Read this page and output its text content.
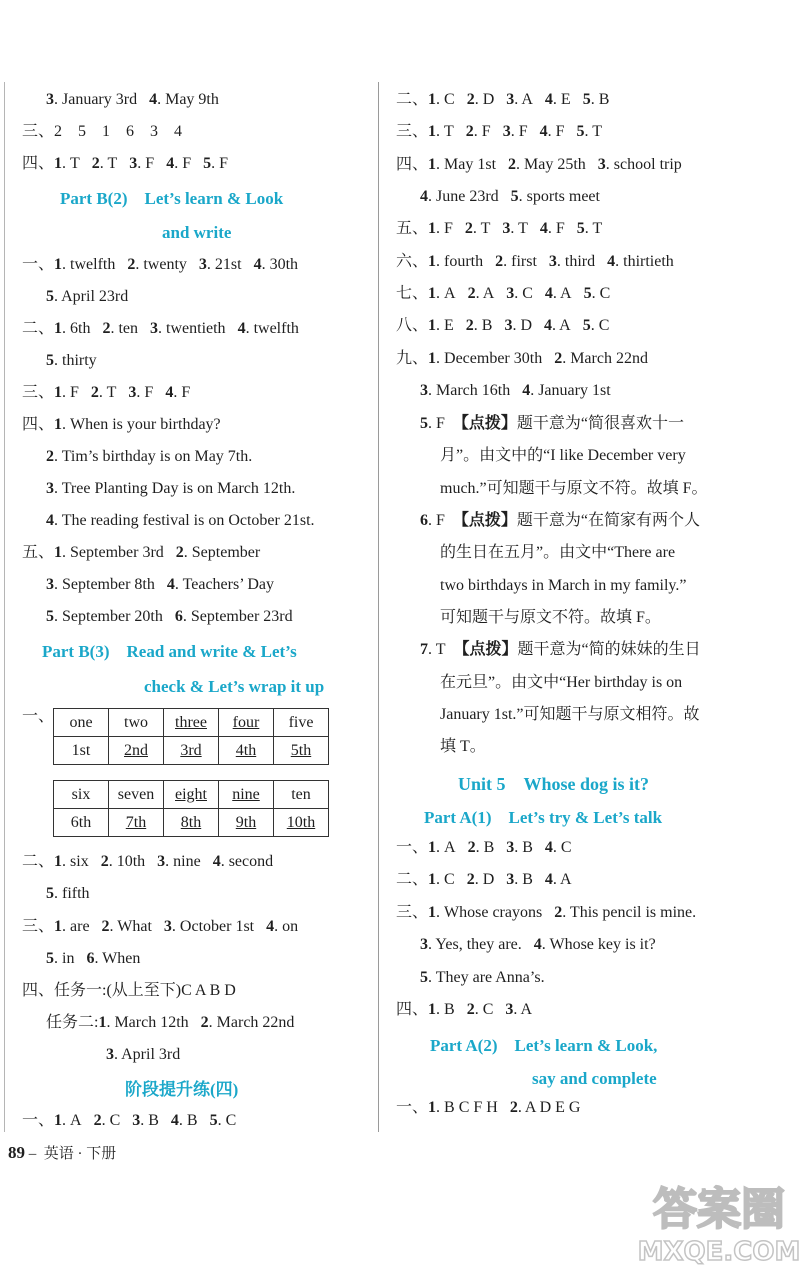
3. January 3rd 4. May 9th
三、2　5　1　6　3　4
四、1. T 2. T 3. F 4. F 5. F
Part B(2)　Let’s learn & Look
and write
一、1. twelfth 2. twenty 3. 21st 4. 30th
5. April 23rd
二、1. 6th 2. ten 3. twentieth 4. twelfth
5. thirty
三、1. F 2. T 3. F 4. F
四、1. When is your birthday?
2. Tim’s birthday is on May 7th.
3. Tree Planting Day is on March 12th.
4. The reading festival is on October 21st.
五、1. September 3rd 2. September
3. September 8th 4. Teachers’ Day
5. September 20th 6. September 23rd
Part B(3)　Read and write & Let’s
check & Let’s wrap it up
一、 one	two	three	four	five
1st	2nd	3rd	4th	5th
six	seven	eight	nine	ten
6th	7th	8th	9th	10th
二、1. six 2. 10th 3. nine 4. second
5. fifth
三、1. are 2. What 3. October 1st 4. on
5. in 6. When
四、任务一:(从上至下)C A B D
任务二:1. March 12th 2. March 22nd
3. April 3rd
阶段提升练(四)
一、1. A 2. C 3. B 4. B 5. C
二、1. C 2. D 3. A 4. E 5. B
三、1. T 2. F 3. F 4. F 5. T
四、1. May 1st 2. May 25th 3. school trip
4. June 23rd 5. sports meet
五、1. F 2. T 3. T 4. F 5. T
六、1. fourth 2. first 3. third 4. thirtieth
七、1. A 2. A 3. C 4. A 5. C
八、1. E 2. B 3. D 4. A 5. C
九、1. December 30th 2. March 22nd
3. March 16th 4. January 1st
5. F 【点拨】题干意为“简很喜欢十一
月”。由文中的“I like December very
much.”可知题干与原文不符。故填 F。
6. F 【点拨】题干意为“在简家有两个人
的生日在五月”。由文中“There are
two birthdays in March in my family.”
可知题干与原文不符。故填 F。
7. T 【点拨】题干意为“简的妹妹的生日
在元旦”。由文中“Her birthday is on
January 1st.”可知题干与原文相符。故
填 T。
Unit 5　Whose dog is it?
Part A(1)　Let’s try & Let’s talk
一、1. A 2. B 3. B 4. C
二、1. C 2. D 3. B 4. A
三、1. Whose crayons 2. This pencil is mine.
3. Yes, they are. 4. Whose key is it?
5. They are Anna’s.
四、1. B 2. C 3. A
Part A(2)　Let’s learn & Look,
say and complete
一、1. B C F H 2. A D E G
89 – 英语 · 下册
答案圈
MXQE.COM
